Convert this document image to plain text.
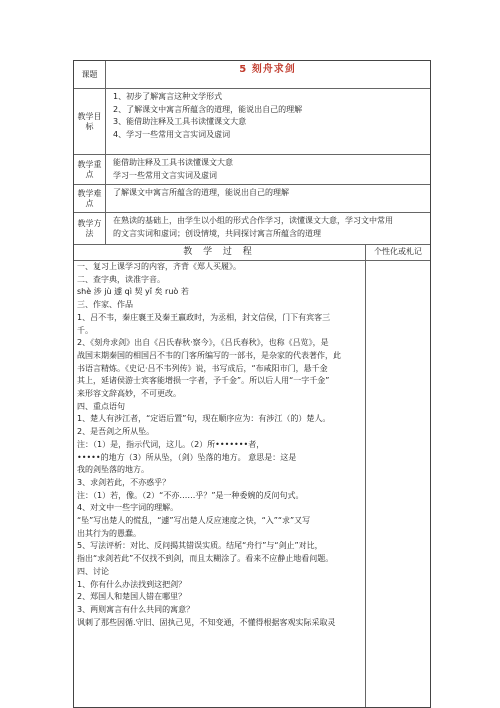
课题	5 刻舟求剑
教学目标

1、初步了解寓言这种文学形式

2、了解课文中寓言所蕴含的道理，能说出自己的理解

3、能借助注释及工具书读懂课文大意

4、学习一些常用文言实词及虚词

教学重点

能借助注释及工具书读懂课文大意

学习一些常用文言实词及虚词

教学难点

了解课文中寓言所蕴含的道理，能说出自己的理解

教学方法

在熟读的基础上，由学生以小组的形式合作学习，读懂课文大意，学习文中常用

的文言实词和虚词；创设情境，共同探讨寓言所蕴含的道理

教 学 过 程	个性化或札记

一、复习上课学习的内容，齐背《郑人买履》。

二、查字典，读准字音。

shè 涉 jù 遽 qì 契 yǐ 矣 ruò 若

三、作家、作品

1、吕不韦，秦庄襄王及秦王嬴政时，为丞相，封文信侯，门下有宾客三

千。

2、《刻舟求剑》出自《吕氏春秋·察今》，《吕氏春秋》，也称《吕览》，是

战国末期秦国的相国吕不韦的门客所编写的一部书，是杂家的代表著作，此

书语言精炼。《史记·吕不韦列传》说，书写成后，“布咸阳市门，悬千金

其上，延诸侯游士宾客能增损一字者，予千金”。所以后人用“一字千金”

来形容文辞高妙，不可更改。

四、重点语句

1、楚人有涉江者，“定语后置”句，现在顺序应为：有涉江（的）楚人。

2、是吾剑之所从坠。

注：（1）是，指示代词，这儿。（2）所•••••••者，

•••••的地方（3）所从坠，（剑）坠落的地方。 意思是：这是

我的剑坠落的地方。

3、求剑若此，不亦惑乎？

注：（1）若，像。（2）“不亦……乎？”是一种委婉的反问句式。

4、对文中一些字词的理解。

“坠”写出楚人的慌乱，“遽”写出楚人反应速度之快，“入”“求”又写

出其行为的愚蠢。

5、写法评析：对比、反问揭其错误实质。结尾“舟行”与“剑止”对比，

指出“求剑若此”不仅找不到剑，而且太糊涂了。看来不应静止地看问题。

四、讨论

1、你有什么办法找到这把剑？

2、郑国人和楚国人错在哪里？

3、两则寓言有什么共同的寓意？

讽刺了那些因循.守旧、固执己见，不知变通，不懂得根据客观实际采取灵
